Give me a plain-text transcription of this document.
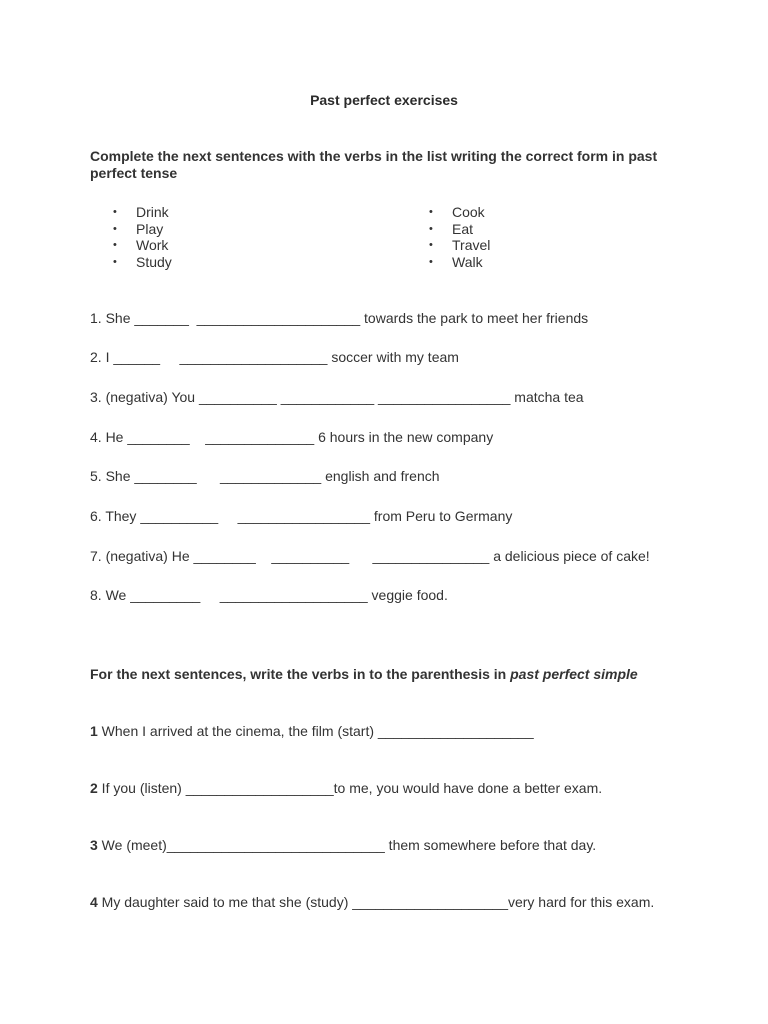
Past perfect exercises
Complete the next sentences with the verbs in the list writing the correct form in past perfect tense
• Drink
• Play
• Work
• Study
• Cook
• Eat
• Travel
• Walk
1. She _______  _____________________ towards the park to meet her friends
2. I ______     ___________________ soccer with my team
3. (negativa) You __________ ____________ _________________ matcha tea
4. He ________    ______________ 6 hours in the new company
5. She ________      _____________ english and french
6. They __________     _________________ from Peru to Germany
7. (negativa) He ________    __________      _______________ a delicious piece of cake!
8. We _________     ___________________ veggie food.
For the next sentences, write the verbs in to the parenthesis in past perfect simple
1 When I arrived at the cinema, the film (start) ____________________
2 If you (listen) ___________________to me, you would have done a better exam.
3 We (meet)____________________________ them somewhere before that day.
4 My daughter said to me that she (study) ____________________very hard for this exam.
